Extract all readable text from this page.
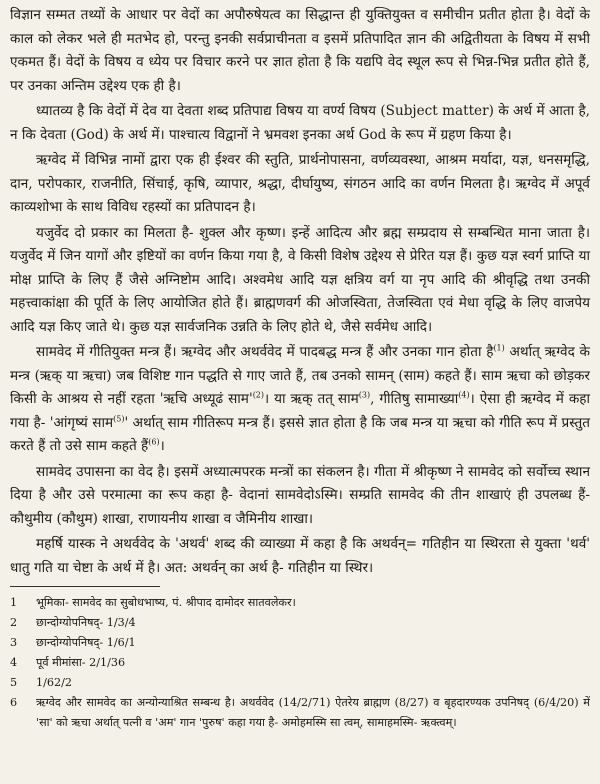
विज्ञान सम्मत तथ्यों के आधार पर वेदों का अपौरुषेयत्व का सिद्धान्त ही युक्तियुक्त व समीचीन प्रतीत होता है। वेदों के काल को लेकर भले ही मतभेद हो, परन्तु इनकी सर्वप्राचीनता व इसमें प्रतिपादित ज्ञान की अद्वितीयता के विषय में सभी एकमत हैं। वेदों के विषय व ध्येय पर विचार करने पर ज्ञात होता है कि यद्यपि वेद स्थूल रूप से भिन्न-भिन्न प्रतीत होते हैं, पर उनका अन्तिम उद्देश्य एक ही है।

ध्यातव्य है कि वेदों में देव या देवता शब्द प्रतिपाद्य विषय या वर्ण्य विषय (Subject matter) के अर्थ में आता है, न कि देवता (God) के अर्थ में। पाश्चात्य विद्वानों ने भ्रमवश इनका अर्थ God के रूप में ग्रहण किया है।

ऋग्वेद में विभिन्न नामों द्वारा एक ही ईश्वर की स्तुति, प्रार्थनोपासना, वर्णव्यवस्था, आश्रम मर्यादा, यज्ञ, धनसमृद्धि, दान, परोपकार, राजनीति, सिंचाई, कृषि, व्यापार, श्रद्धा, दीर्घायुष्य, संगठन आदि का वर्णन मिलता है। ऋग्वेद में अपूर्व काव्यशोभा के साथ विविध रहस्यों का प्रतिपादन है।

यजुर्वेद दो प्रकार का मिलता है- शुक्ल और कृष्ण। इन्हें आदित्य और ब्रह्म सम्प्रदाय से सम्बन्धित माना जाता है। यजुर्वेद में जिन यागों और इष्टियों का वर्णन किया गया है, वे किसी विशेष उद्देश्य से प्रेरित यज्ञ हैं। कुछ यज्ञ स्वर्ग प्राप्ति या मोक्ष प्राप्ति के लिए हैं जैसे अग्निष्टोम आदि। अश्वमेध आदि यज्ञ क्षत्रिय वर्ग या नृप आदि की श्रीवृद्धि तथा उनकी महत्त्वाकांक्षा की पूर्ति के लिए आयोजित होते हैं। ब्राह्मणवर्ग की ओजस्विता, तेजस्विता एवं मेधा वृद्धि के लिए वाजपेय आदि यज्ञ किए जाते थे। कुछ यज्ञ सार्वजनिक उन्नति के लिए होते थे, जैसे सर्वमेध आदि।

सामवेद में गीतियुक्त मन्त्र हैं। ऋग्वेद और अथर्ववेद में पादबद्ध मन्त्र हैं और उनका गान होता है$^{(1)}$ अर्थात् ऋग्वेद के मन्त्र (ऋक् या ऋचा) जब विशिष्ट गान पद्धति से गाए जाते हैं, तब उनको सामन् (साम) कहते हैं। साम ऋचा को छोड़कर किसी के आश्रय से नहीं रहता 'ऋचि अध्यूढं $साम'^{(2)}।$ या ऋक् तत् साम$^{(3)}$, गीतिषु सामाख्या$^{(4)}$। ऐसा ही ऋग्वेद में कहा गया है- 'आंगृष्यं साम$^{(5)}$' अर्थात् साम गीतिरूप मन्त्र हैं। इससे ज्ञात होता है कि जब मन्त्र या ऋचा को गीति रूप में प्रस्तुत करते हैं तो उसे साम कहते हैं$^{(6)}$।

सामवेद उपासना का वेद है। इसमें अध्यात्मपरक मन्त्रों का संकलन है। गीता में श्रीकृष्ण ने सामवेद को सर्वोच्च स्थान दिया है और उसे परमात्मा का रूप कहा है- वेदानां सामवेदोऽस्मि। सम्प्रति सामवेद की तीन शाखाएं ही उपलब्ध हैं- कौथुमीय (कौथुम) शाखा, राणायनीय शाखा व जैमिनीय शाखा।

महर्षि यास्क ने अथर्ववेद के 'अथर्व' शब्द की व्याख्या में कहा है कि अथर्वन्= गतिहीन या स्थिरता से युक्ता 'थर्व' धातु गति या चेष्टा के अर्थ में है। अत: अथर्वन् का अर्थ है- गतिहीन या स्थिर।

1	भूमिका- सामवेद का सुबोधभाष्य, पं. श्रीपाद दामोदर सातवलेकर।
2	छान्दोग्योपनिषद्- 1/3/4
3	छान्दोग्योपनिषद्- 1/6/1
4	पूर्व मीमांसा- 2/1/36
5	1/62/2
6	ऋग्वेद और सामवेद का अन्योन्याश्रित सम्बन्ध है। अथर्ववेद (14/2/71) ऐतरेय ब्राह्मण (8/27) व बृहदारण्यक उपनिषद् (6/4/20) में 'सा' को ऋचा अर्थात् पत्नी व 'अम' गान 'पुरुष' कहा गया है- अमोहमस्मि सा त्वम्, सामाहमस्मि- ऋक्त्वम्।
